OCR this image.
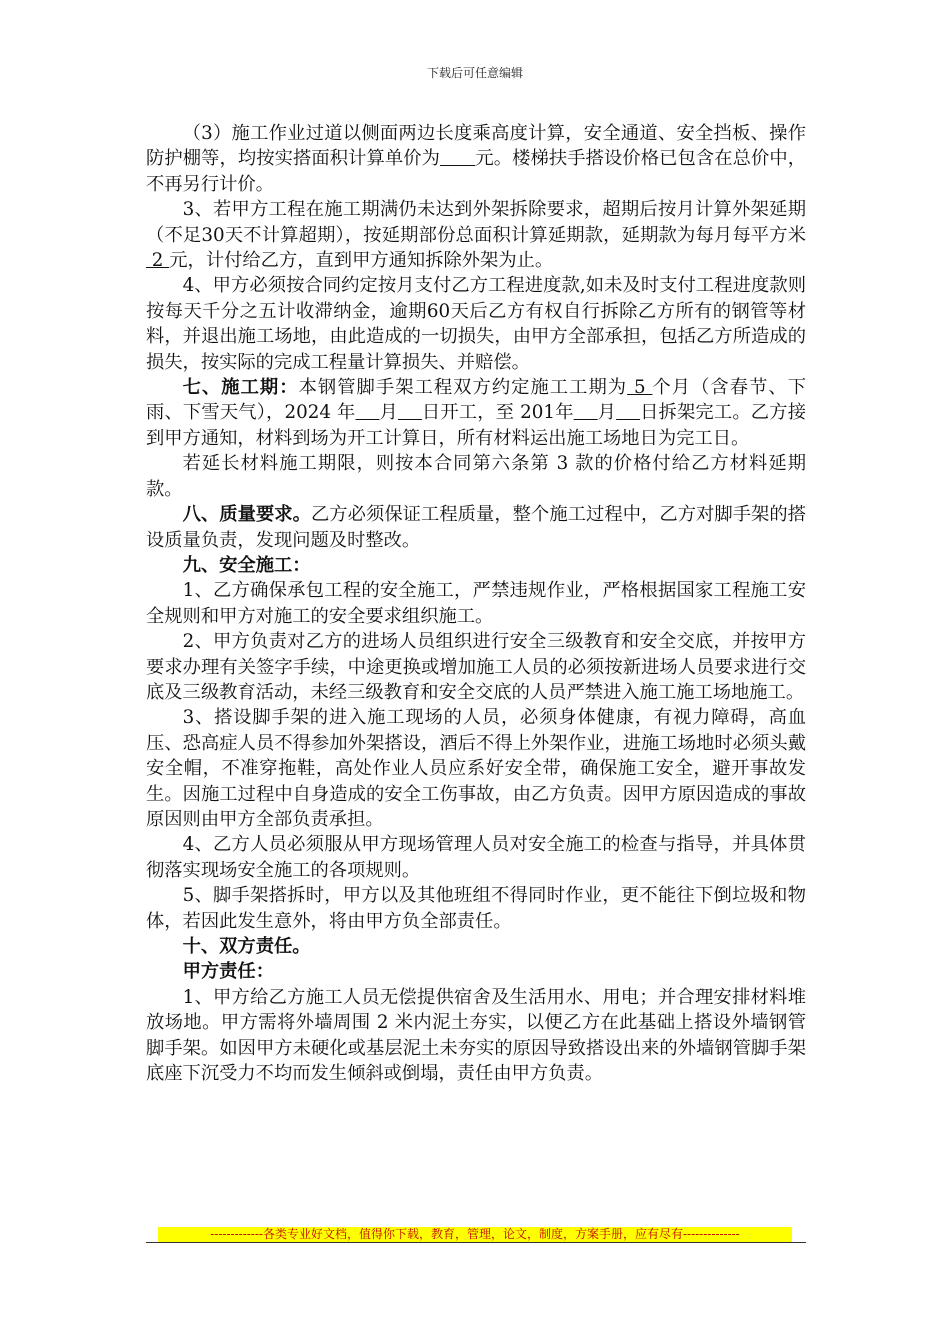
下载后可任意编辑

（3）施工作业过道以侧面两边长度乘高度计算，安全通道、安全挡板、操作防护棚等，均按实搭面积计算单价为 元。楼梯扶手搭设价格已包含在总价中，不再另行计价。

3、若甲方工程在施工期满仍未达到外架拆除要求，超期后按月计算外架延期（不足30天不计算超期），按延期部份总面积计算延期款，延期款为每月每平方米 2 元，计付给乙方，直到甲方通知拆除外架为止。

4、甲方必须按合同约定按月支付乙方工程进度款,如未及时支付工程进度款则按每天千分之五计收滞纳金，逾期60天后乙方有权自行拆除乙方所有的钢管等材料，并退出施工场地，由此造成的一切损失，由甲方全部承担，包括乙方所造成的损失，按实际的完成工程量计算损失、并赔偿。

七、施工期：本钢管脚手架工程双方约定施工工期为 5 个月（含春节、下雨、下雪天气），2024 年 月 日开工，至 201年 月 日拆架完工。乙方接到甲方通知，材料到场为开工计算日，所有材料运出施工场地日为完工日。

若延长材料施工期限，则按本合同第六条第 3 款的价格付给乙方材料延期款。

八、质量要求。乙方必须保证工程质量，整个施工过程中，乙方对脚手架的搭设质量负责，发现问题及时整改。

九、安全施工：

1、乙方确保承包工程的安全施工，严禁违规作业，严格根据国家工程施工安全规则和甲方对施工的安全要求组织施工。

2、甲方负责对乙方的进场人员组织进行安全三级教育和安全交底，并按甲方要求办理有关签字手续，中途更换或增加施工人员的必须按新进场人员要求进行交底及三级教育活动，未经三级教育和安全交底的人员严禁进入施工施工场地施工。

3、搭设脚手架的进入施工现场的人员，必须身体健康，有视力障碍，高血压、恐高症人员不得参加外架搭设，酒后不得上外架作业，进施工场地时必须头戴安全帽，不准穿拖鞋，高处作业人员应系好安全带，确保施工安全，避开事故发生。因施工过程中自身造成的安全工伤事故，由乙方负责。因甲方原因造成的事故原因则由甲方全部负责承担。

4、乙方人员必须服从甲方现场管理人员对安全施工的检查与指导，并具体贯彻落实现场安全施工的各项规则。

5、脚手架搭拆时，甲方以及其他班组不得同时作业，更不能往下倒垃圾和物体，若因此发生意外，将由甲方负全部责任。

十、双方责任。

甲方责任：

1、甲方给乙方施工人员无偿提供宿舍及生活用水、用电；并合理安排材料堆放场地。甲方需将外墙周围 2 米内泥土夯实，以便乙方在此基础上搭设外墙钢管脚手架。如因甲方未硬化或基层泥土未夯实的原因导致搭设出来的外墙钢管脚手架底座下沉受力不均而发生倾斜或倒塌，责任由甲方负责。

-------------各类专业好文档，值得你下载，教育，管理，论文，制度，方案手册，应有尽有--------------
